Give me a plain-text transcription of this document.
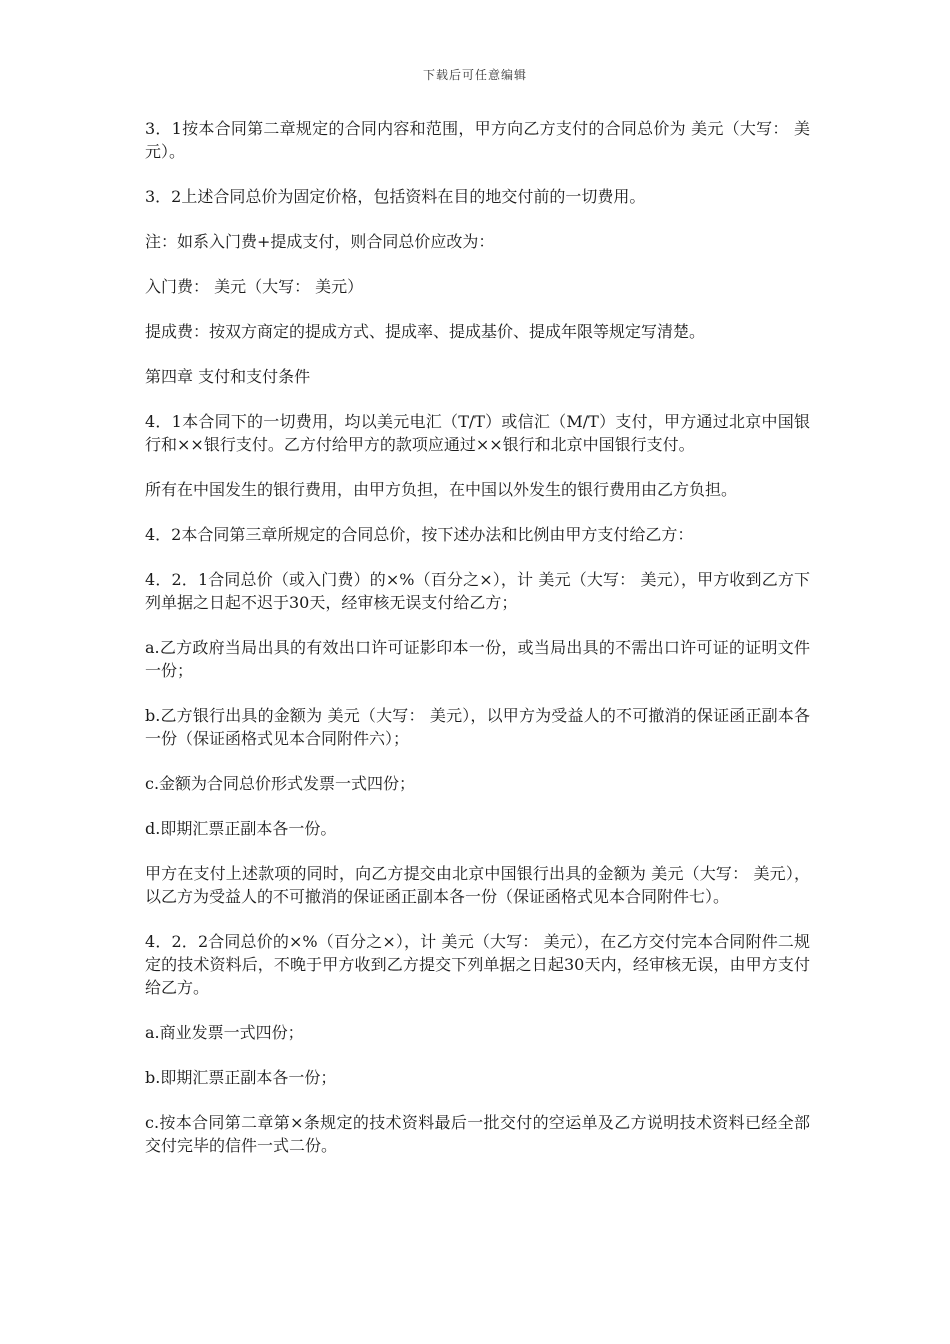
下载后可任意编辑

3．1按本合同第二章规定的合同内容和范围，甲方向乙方支付的合同总价为 美元（大写： 美元）。

3．2上述合同总价为固定价格，包括资料在目的地交付前的一切费用。

注：如系入门费+提成支付，则合同总价应改为：

入门费： 美元（大写： 美元）

提成费：按双方商定的提成方式、提成率、提成基价、提成年限等规定写清楚。

第四章 支付和支付条件

4．1本合同下的一切费用，均以美元电汇（T/T）或信汇（M/T）支付，甲方通过北京中国银行和××银行支付。乙方付给甲方的款项应通过××银行和北京中国银行支付。

所有在中国发生的银行费用，由甲方负担，在中国以外发生的银行费用由乙方负担。

4．2本合同第三章所规定的合同总价，按下述办法和比例由甲方支付给乙方：

4．2．1合同总价（或入门费）的×%（百分之×），计 美元（大写： 美元），甲方收到乙方下列单据之日起不迟于30天，经审核无误支付给乙方；

a.乙方政府当局出具的有效出口许可证影印本一份，或当局出具的不需出口许可证的证明文件一份；

b.乙方银行出具的金额为 美元（大写： 美元），以甲方为受益人的不可撤消的保证函正副本各一份（保证函格式见本合同附件六）；

c.金额为合同总价形式发票一式四份；

d.即期汇票正副本各一份。

甲方在支付上述款项的同时，向乙方提交由北京中国银行出具的金额为 美元（大写： 美元），以乙方为受益人的不可撤消的保证函正副本各一份（保证函格式见本合同附件七）。

4．2．2合同总价的×%（百分之×），计 美元（大写： 美元），在乙方交付完本合同附件二规定的技术资料后，不晚于甲方收到乙方提交下列单据之日起30天内，经审核无误，由甲方支付给乙方。

a.商业发票一式四份；

b.即期汇票正副本各一份；

c.按本合同第二章第×条规定的技术资料最后一批交付的空运单及乙方说明技术资料已经全部交付完毕的信件一式二份。
